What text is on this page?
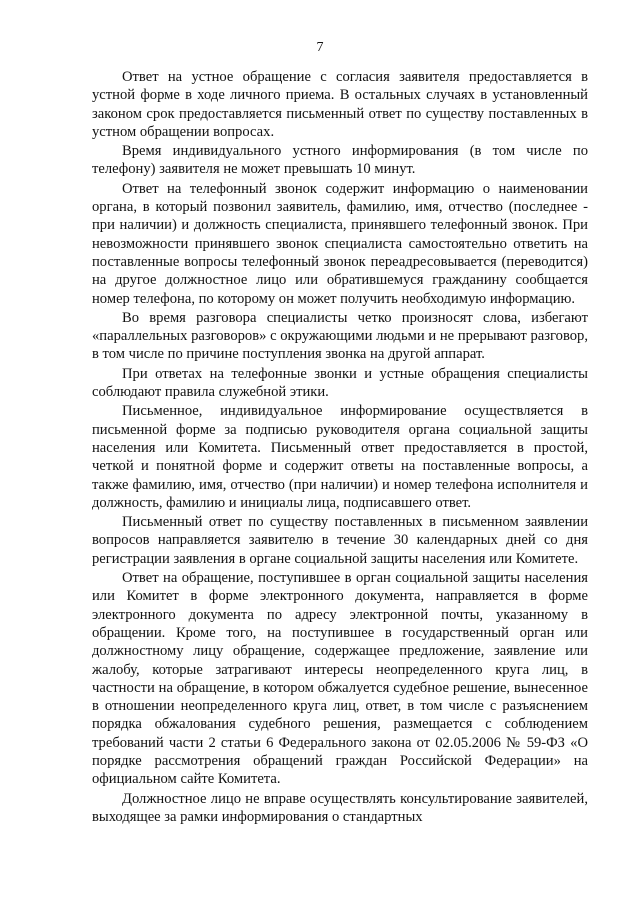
7

Ответ на устное обращение с согласия заявителя предоставляется в устной форме в ходе личного приема. В остальных случаях в установленный законом срок предоставляется письменный ответ по существу поставленных в устном обращении вопросах.

Время индивидуального устного информирования (в том числе по телефону) заявителя не может превышать 10 минут.

Ответ на телефонный звонок содержит информацию о наименовании органа, в который позвонил заявитель, фамилию, имя, отчество (последнее - при наличии) и должность специалиста, принявшего телефонный звонок. При невозможности принявшего звонок специалиста самостоятельно ответить на поставленные вопросы телефонный звонок переадресовывается (переводится) на другое должностное лицо или обратившемуся гражданину сообщается номер телефона, по которому он может получить необходимую информацию.

Во время разговора специалисты четко произносят слова, избегают «параллельных разговоров» с окружающими людьми и не прерывают разговор, в том числе по причине поступления звонка на другой аппарат.

При ответах на телефонные звонки и устные обращения специалисты соблюдают правила служебной этики.

Письменное, индивидуальное информирование осуществляется в письменной форме за подписью руководителя органа социальной защиты населения или Комитета. Письменный ответ предоставляется в простой, четкой и понятной форме и содержит ответы на поставленные вопросы, а также фамилию, имя, отчество (при наличии) и номер телефона исполнителя и должность, фамилию и инициалы лица, подписавшего ответ.

Письменный ответ по существу поставленных в письменном заявлении вопросов направляется заявителю в течение 30 календарных дней со дня регистрации заявления в органе социальной защиты населения или Комитете.

Ответ на обращение, поступившее в орган социальной защиты населения или Комитет в форме электронного документа, направляется в форме электронного документа по адресу электронной почты, указанному в обращении. Кроме того, на поступившее в государственный орган или должностному лицу обращение, содержащее предложение, заявление или жалобу, которые затрагивают интересы неопределенного круга лиц, в частности на обращение, в котором обжалуется судебное решение, вынесенное в отношении неопределенного круга лиц, ответ, в том числе с разъяснением порядка обжалования судебного решения, размещается с соблюдением требований части 2 статьи 6 Федерального закона от 02.05.2006 № 59-ФЗ «О порядке рассмотрения обращений граждан Российской Федерации» на официальном сайте Комитета.

Должностное лицо не вправе осуществлять консультирование заявителей, выходящее за рамки информирования о стандартных
